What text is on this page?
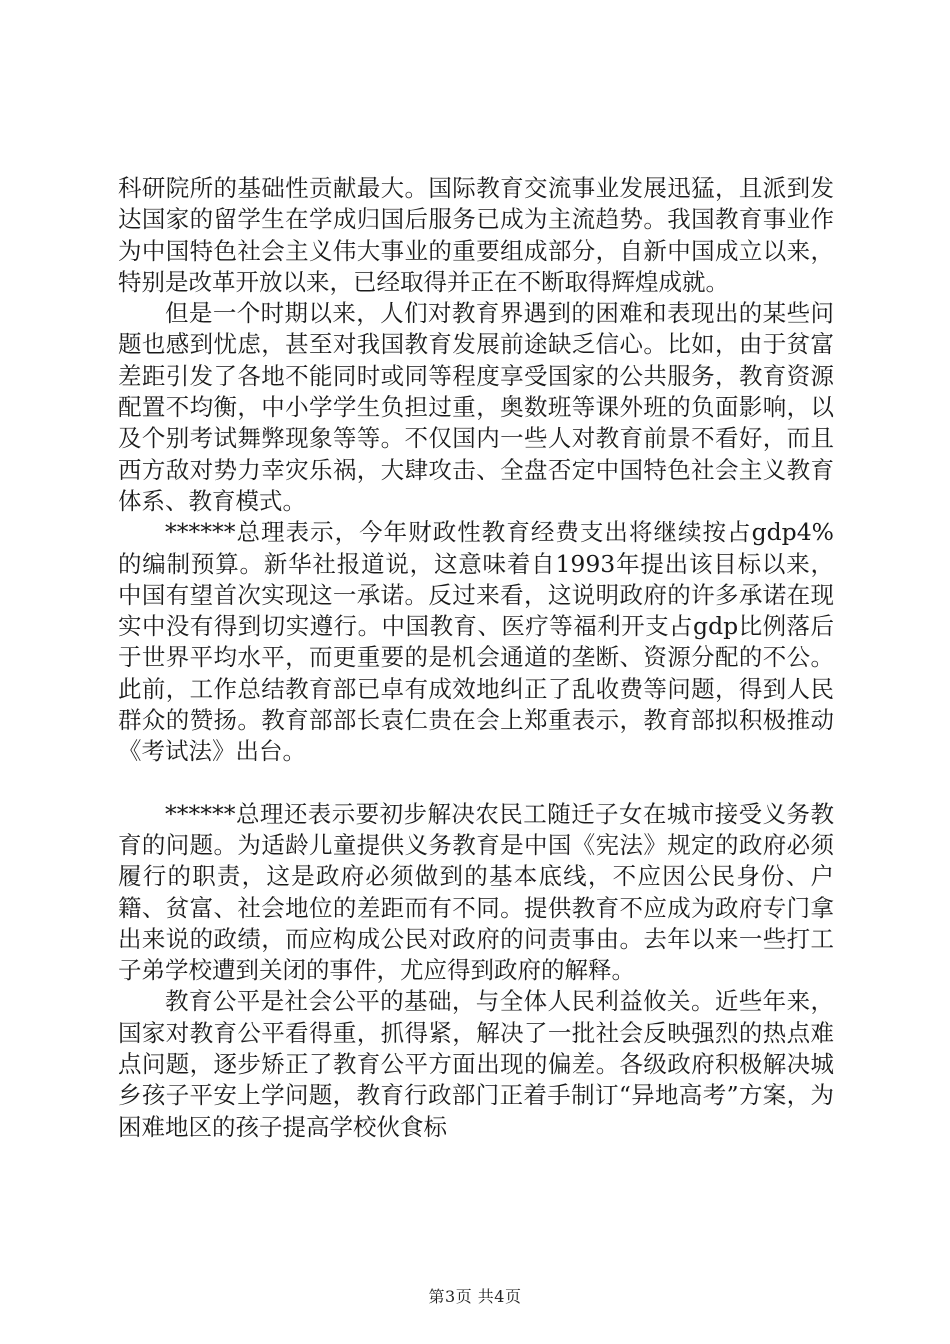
科研院所的基础性贡献最大。国际教育交流事业发展迅猛，且派到发达国家的留学生在学成归国后服务已成为主流趋势。我国教育事业作为中国特色社会主义伟大事业的重要组成部分，自新中国成立以来，特别是改革开放以来，已经取得并正在不断取得辉煌成就。

但是一个时期以来，人们对教育界遇到的困难和表现出的某些问题也感到忧虑，甚至对我国教育发展前途缺乏信心。比如，由于贫富差距引发了各地不能同时或同等程度享受国家的公共服务，教育资源配置不均衡，中小学学生负担过重，奥数班等课外班的负面影响，以及个别考试舞弊现象等等。不仅国内一些人对教育前景不看好，而且西方敌对势力幸灾乐祸，大肆攻击、全盘否定中国特色社会主义教育体系、教育模式。

******总理表示，今年财政性教育经费支出将继续按占gdp4%的编制预算。新华社报道说，这意味着自1993年提出该目标以来，中国有望首次实现这一承诺。反过来看，这说明政府的许多承诺在现实中没有得到切实遵行。中国教育、医疗等福利开支占gdp比例落后于世界平均水平，而更重要的是机会通道的垄断、资源分配的不公。此前，工作总结教育部已卓有成效地纠正了乱收费等问题，得到人民群众的赞扬。教育部部长袁仁贵在会上郑重表示，教育部拟积极推动《考试法》出台。

******总理还表示要初步解决农民工随迁子女在城市接受义务教育的问题。为适龄儿童提供义务教育是中国《宪法》规定的政府必须履行的职责，这是政府必须做到的基本底线，不应因公民身份、户籍、贫富、社会地位的差距而有不同。提供教育不应成为政府专门拿出来说的政绩，而应构成公民对政府的问责事由。去年以来一些打工子弟学校遭到关闭的事件，尤应得到政府的解释。

教育公平是社会公平的基础，与全体人民利益攸关。近些年来，国家对教育公平看得重，抓得紧，解决了一批社会反映强烈的热点难点问题，逐步矫正了教育公平方面出现的偏差。各级政府积极解决城乡孩子平安上学问题，教育行政部门正着手制订“异地高考”方案，为困难地区的孩子提高学校伙食标

第3页 共4页
